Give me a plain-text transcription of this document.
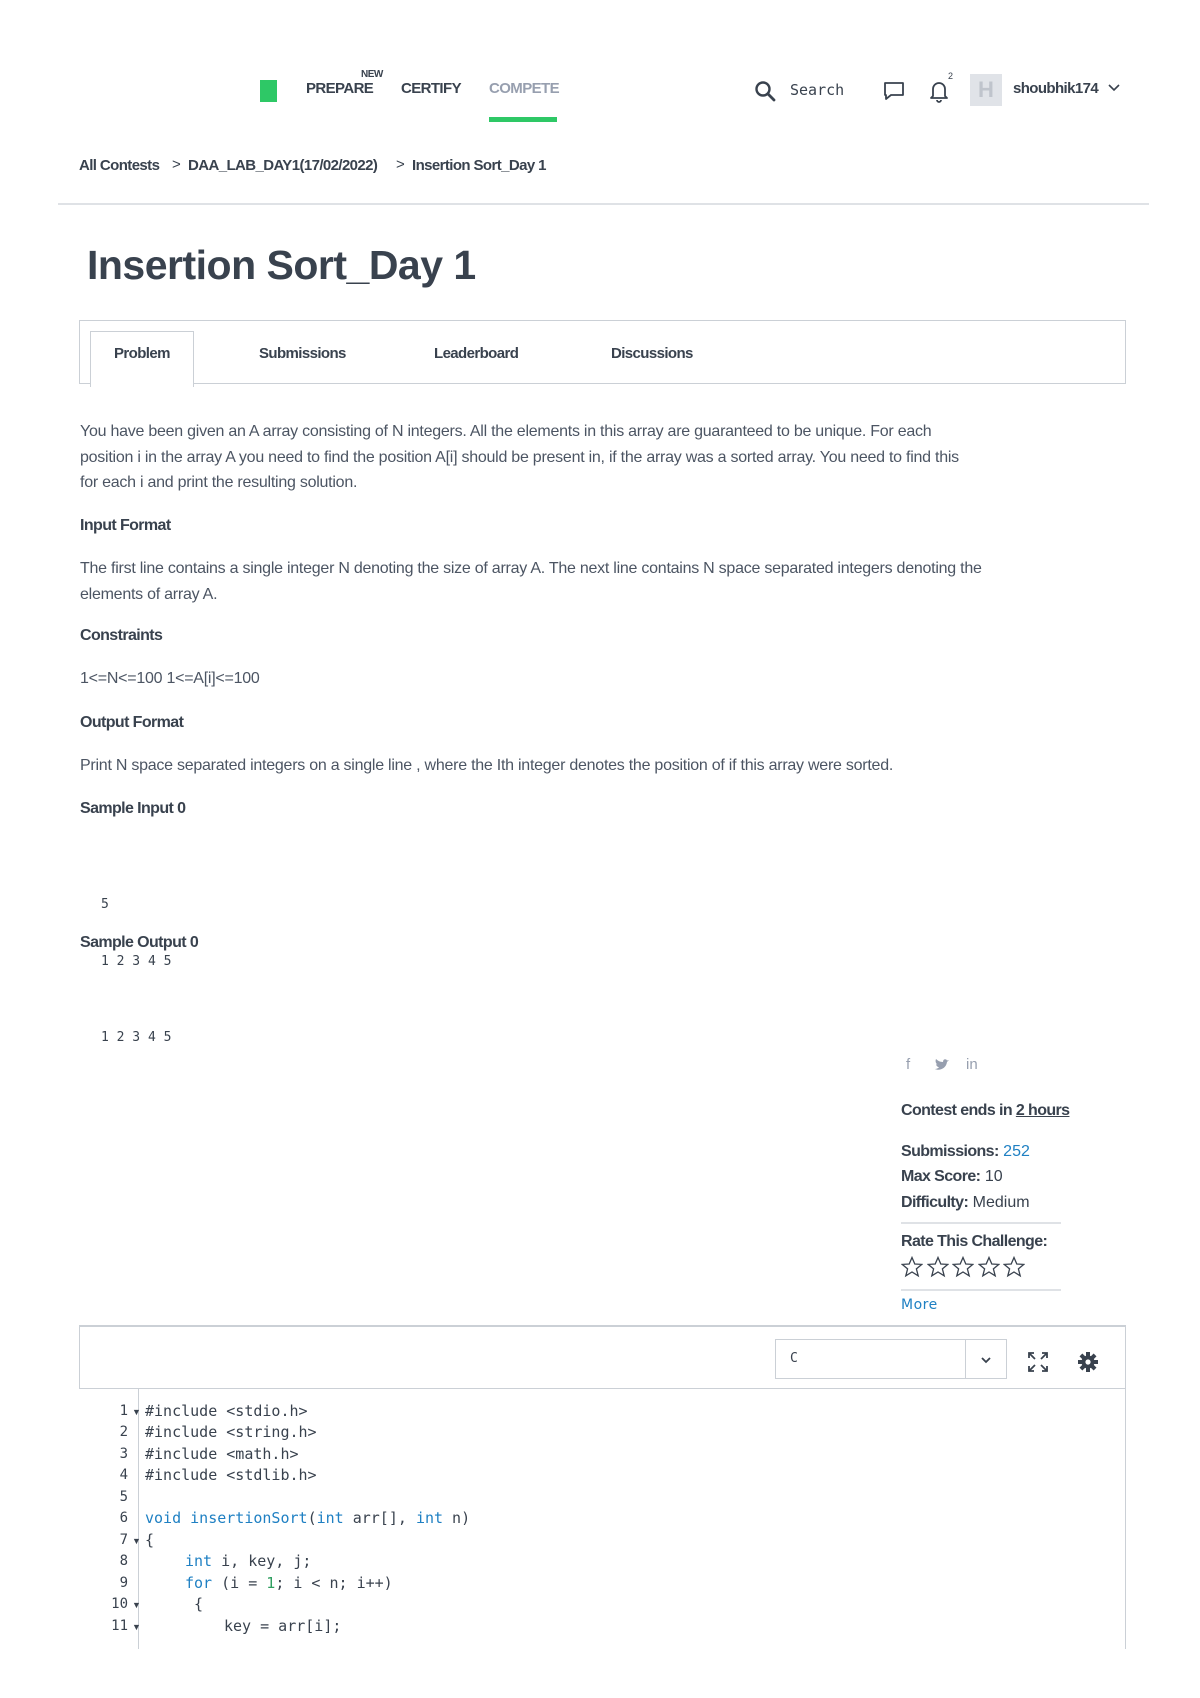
NEW
PREPARE CERTIFY COMPETE	Search
2
H	shoubhik174
All Contests > DAA_LAB_DAY1(17/02/2022) > Insertion Sort_Day 1
Insertion Sort_Day 1
Problem	Submissions	Leaderboard	Discussions
You have been given an A array consisting of N integers. All the elements in this array are guaranteed to be unique. For each
position i in the array A you need to find the position A[i] should be present in, if the array was a sorted array. You need to find this
for each i and print the resulting solution.
Input Format
The first line contains a single integer N denoting the size of array A. The next line contains N space separated integers denoting the
elements of array A.
Constraints
1<=N<=100 1<=A[i]<=100
Output Format
Print N space separated integers on a single line , where the Ith integer denotes the position of if this array were sorted.
Sample Input 0

5

1 2 3 4 5

Sample Output 0

1 2 3 4 5

f	in
Contest ends in 2 hours
Submissions: 252
Max Score: 10
Difficulty: Medium
Rate This Challenge:
More
C
1
2
3
4
5
6
7
8
9
10
11
▼
▼
▼
▼
#include <stdio.h>
#include <string.h>
#include <math.h>
#include <stdlib.h>
void insertionSort(int arr[], int n)
{
int i, key, j;
for (i = 1; i < n; i++)
{
key = arr[i];
